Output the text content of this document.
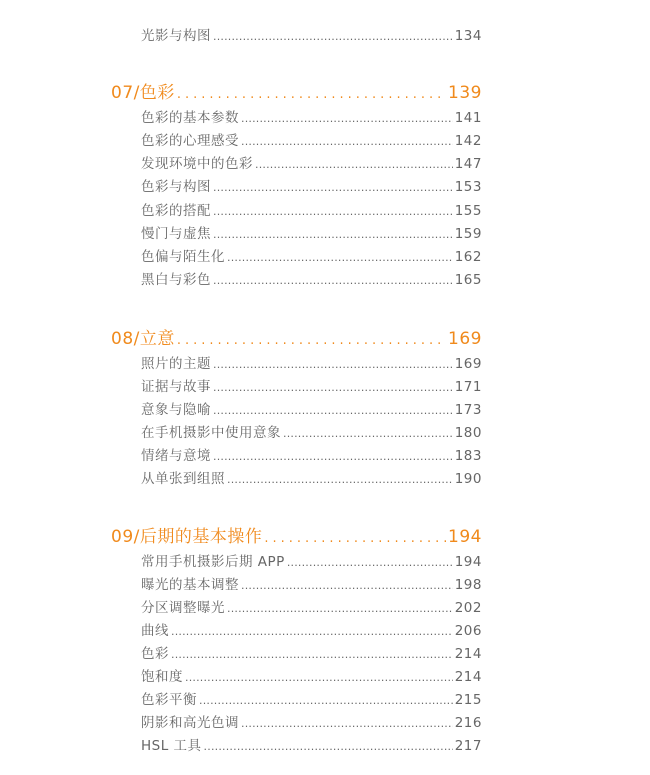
光影与构图 .....	134
07/色彩 .....	139
色彩的基本参数 .....	141
色彩的心理感受 .....	142
发现环境中的色彩 .....	147
色彩与构图 .....	153
色彩的搭配 .....	155
慢门与虚焦 .....	159
色偏与陌生化 .....	162
黑白与彩色 .....	165
08/立意 .....	169
照片的主题 .....	169
证据与故事 .....	171
意象与隐喻 .....	173
在手机摄影中使用意象 .....	180
情绪与意境 .....	183
从单张到组照 .....	190
09/后期的基本操作 .....	194
常用手机摄影后期 APP .....	194
曝光的基本调整 .....	198
分区调整曝光 .....	202
曲线 .....	206
色彩 .....	214
饱和度 .....	214
色彩平衡 .....	215
阴影和高光色调 .....	216
HSL 工具 .....	217
